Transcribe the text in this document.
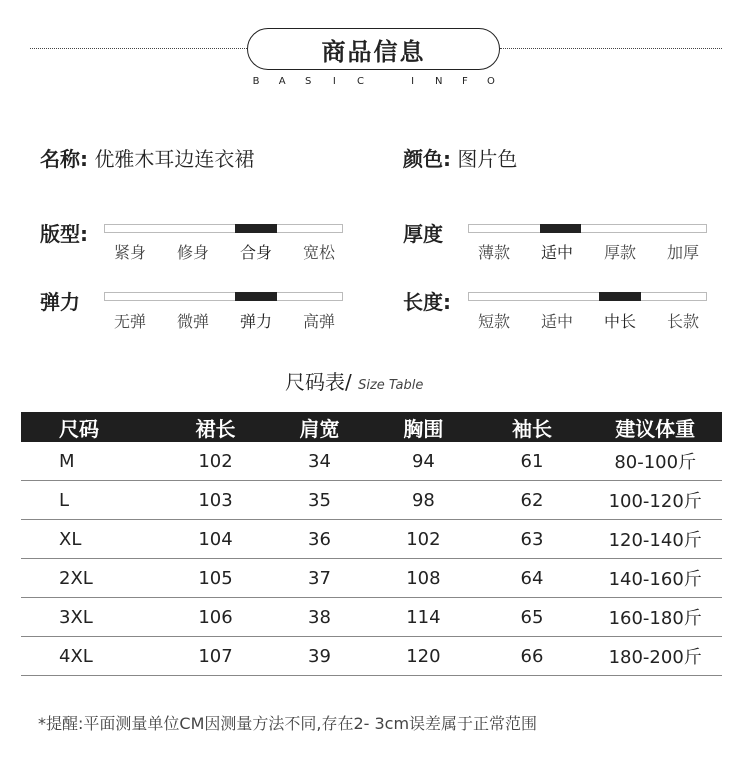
商品信息
B	A	S	I	C	I	N	F	O
名称: 优雅木耳边连衣裙	颜色: 图片色
版型:
紧身	修身	合身	宽松
厚度
薄款	适中	厚款	加厚
弹力
无弹	微弹	弹力	高弹
长度:
短款	适中	中长	长款
尺码表/ Size Table
尺码	裙长	肩宽	胸围	袖长	建议体重
M	102	34	94	61	80-100斤
L	103	35	98	62	100-120斤
XL	104	36	102	63	120-140斤
2XL	105	37	108	64	140-160斤
3XL	106	38	114	65	160-180斤
4XL	107	39	120	66	180-200斤
*提醒:平面测量单位CM因测量方法不同,存在2- 3cm误差属于正常范围
